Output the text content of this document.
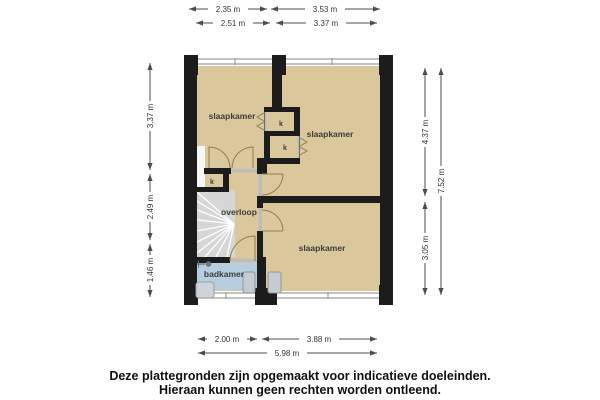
slaapkamer
slaapkamer
slaapkamer
overloop
badkamer
k
k
k
2.35 m	3.53 m
2.51 m	3.37 m
3.37 m
2.49 m
1.46 m
4.37 m
3.05 m
7.52 m
2.00 m	3.88 m
5.98 m
Deze plattegronden zijn opgemaakt voor indicatieve doeleinden.
Hieraan kunnen geen rechten worden ontleend.
